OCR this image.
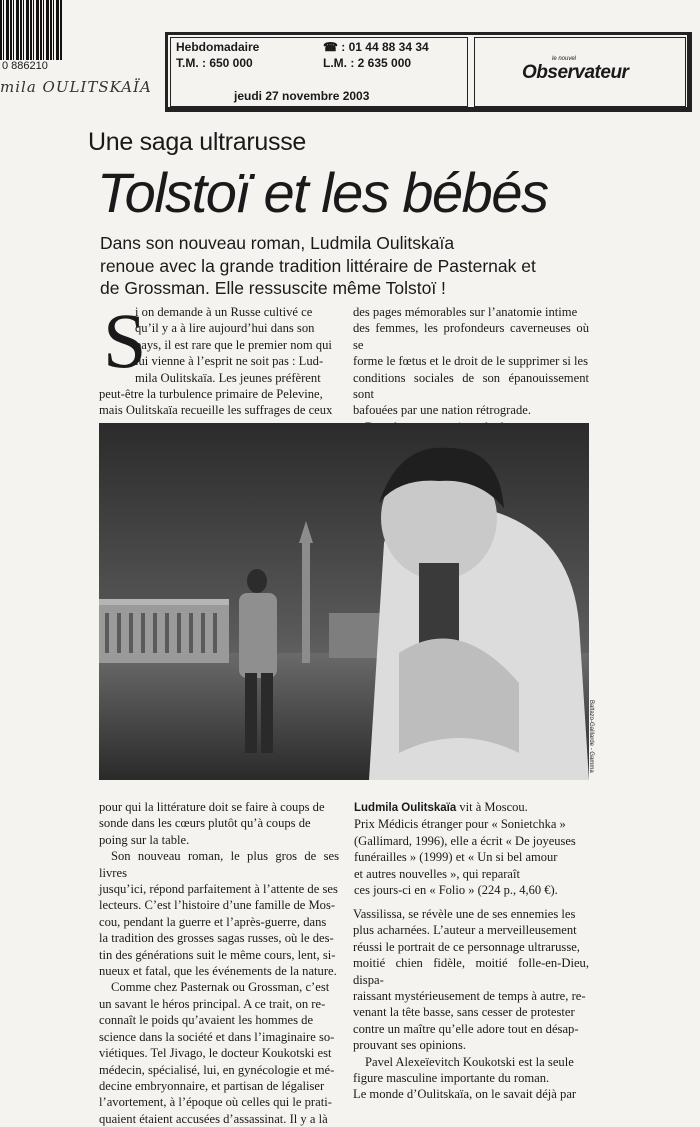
0 886210
mila OULITSKAÏA
Hebdomadaire
T.M. : 650 000
☎ : 01 44 88 34 34
L.M. : 2 635 000
jeudi 27 novembre 2003
le nouvel
Observateur
Une saga ultrarusse
Tolstoï et les bébés
Dans son nouveau roman, Ludmila Oulitskaïa
renoue avec la grande tradition littéraire de Pasternak et
de Grossman. Elle ressuscite même Tolstoï !
S
i on demande à un Russe cultivé ce
qu’il y a à lire aujourd’hui dans son
pays, il est rare que le premier nom qui
lui vienne à l’esprit ne soit pas : Lud-
mila Oulitskaïa. Les jeunes préfèrent
peut-être la turbulence primaire de Pelevine,
mais Oulitskaïa recueille les suffrages de ceux
des pages mémorables sur l’anatomie intime
des femmes, les profondeurs caverneuses où se
forme le fœtus et le droit de le supprimer si les
conditions sociales de son épanouissement sont
bafouées par une nation rétrograde.
Baltazo-Gaillarde - Gamma
pour qui la littérature doit se faire à coups de
sonde dans les cœurs plutôt qu’à coups de
poing sur la table.
Son nouveau roman, le plus gros de ses livres
jusqu’ici, répond parfaitement à l’attente de ses
lecteurs. C’est l’histoire d’une famille de Mos-
cou, pendant la guerre et l’après-guerre, dans
la tradition des grosses sagas russes, où le des-
tin des générations suit le même cours, lent, si-
nueux et fatal, que les événements de la nature.
Comme chez Pasternak ou Grossman, c’est
un savant le héros principal. A ce trait, on re-
connaît le poids qu’avaient les hommes de
science dans la société et dans l’imaginaire so-
viétiques. Tel Jivago, le docteur Koukotski est
médecin, spécialisé, lui, en gynécologie et mé-
decine embryonnaire, et partisan de légaliser
l’avortement, à l’époque où celles qui le prati-
quaient étaient accusées d’assassinat. Il y a là
Ludmila Oulitskaïa vit à Moscou.
Prix Médicis étranger pour « Sonietchka »
(Gallimard, 1996), elle a écrit « De joyeuses
funérailles » (1999) et « Un si bel amour
et autres nouvelles », qui reparaît
ces jours-ci en « Folio » (224 p., 4,60 €).
Vassilissa, se révèle une de ses ennemies les
plus acharnées. L’auteur a merveilleusement
réussi le portrait de ce personnage ultrarusse,
moitié chien fidèle, moitié folle-en-Dieu, dispa-
raissant mystérieusement de temps à autre, re-
venant la tête basse, sans cesser de protester
contre un maître qu’elle adore tout en désap-
prouvant ses opinions.
Pavel Alexeïevitch Koukotski est la seule
figure masculine importante du roman.
Le monde d’Oulitskaïa, on le savait déjà par
